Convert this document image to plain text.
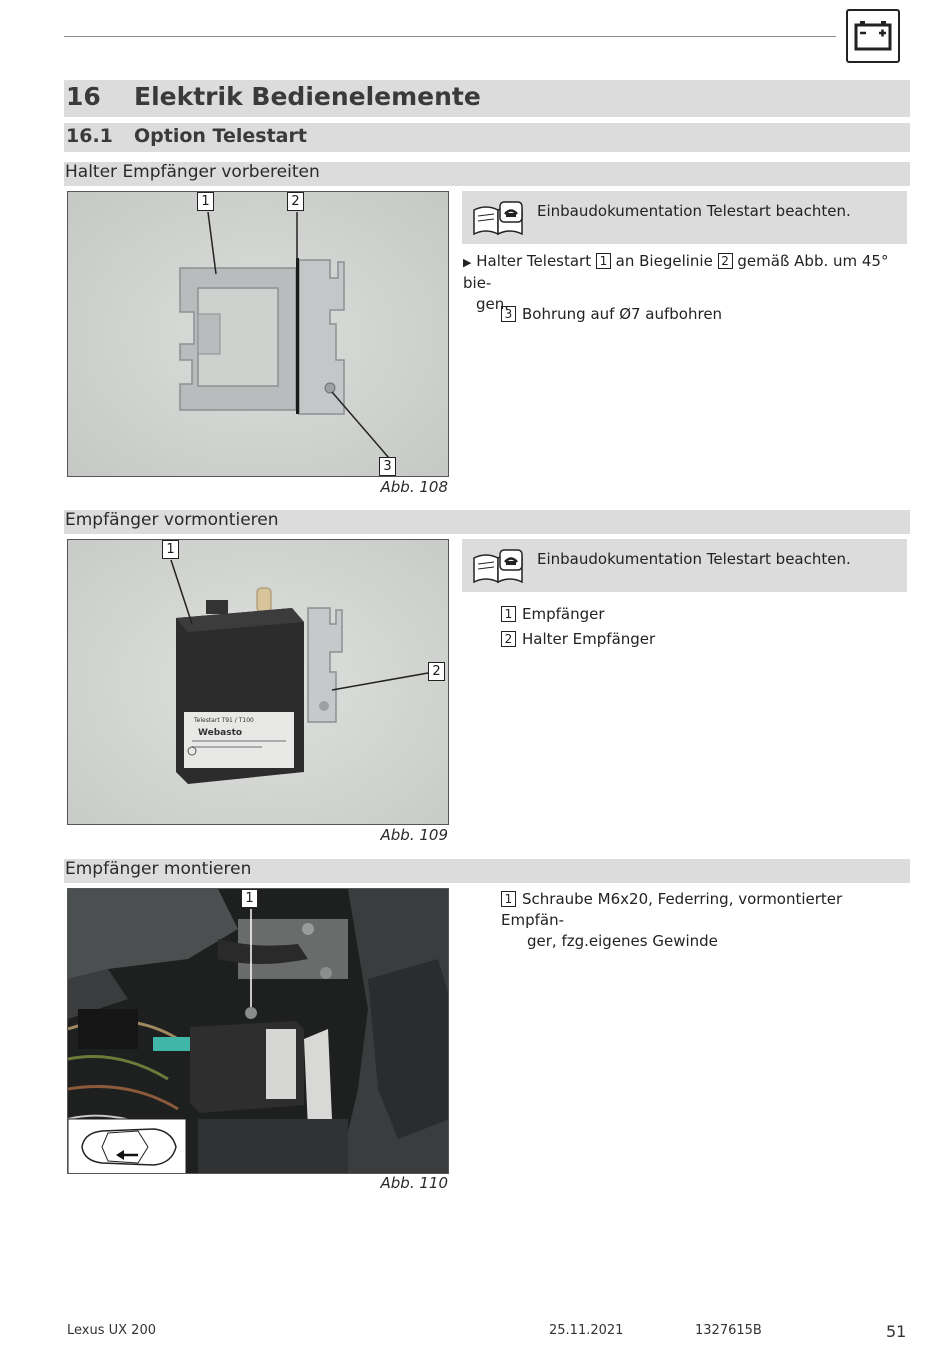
16 Elektrik Bedienelemente
16.1 Option Telestart
Halter Empfänger vorbereiten
1	2
3
Abb. 108
Einbaudokumentation Telestart beachten.
▶ Halter Telestart 1 an Biegelinie 2 gemäß Abb. um 45° bie-
gen.
3 Bohrung auf Ø7 aufbohren
Empfänger vormontieren
Telestart T91 / T100
Webasto
1
2
Abb. 109
Einbaudokumentation Telestart beachten.
1 Empfänger
2 Halter Empfänger
Empfänger montieren
1
Abb. 110
1 Schraube M6x20, Federring, vormontierter Empfän-
ger, fzg.eigenes Gewinde
Lexus UX 200	25.11.2021	1327615B	51
